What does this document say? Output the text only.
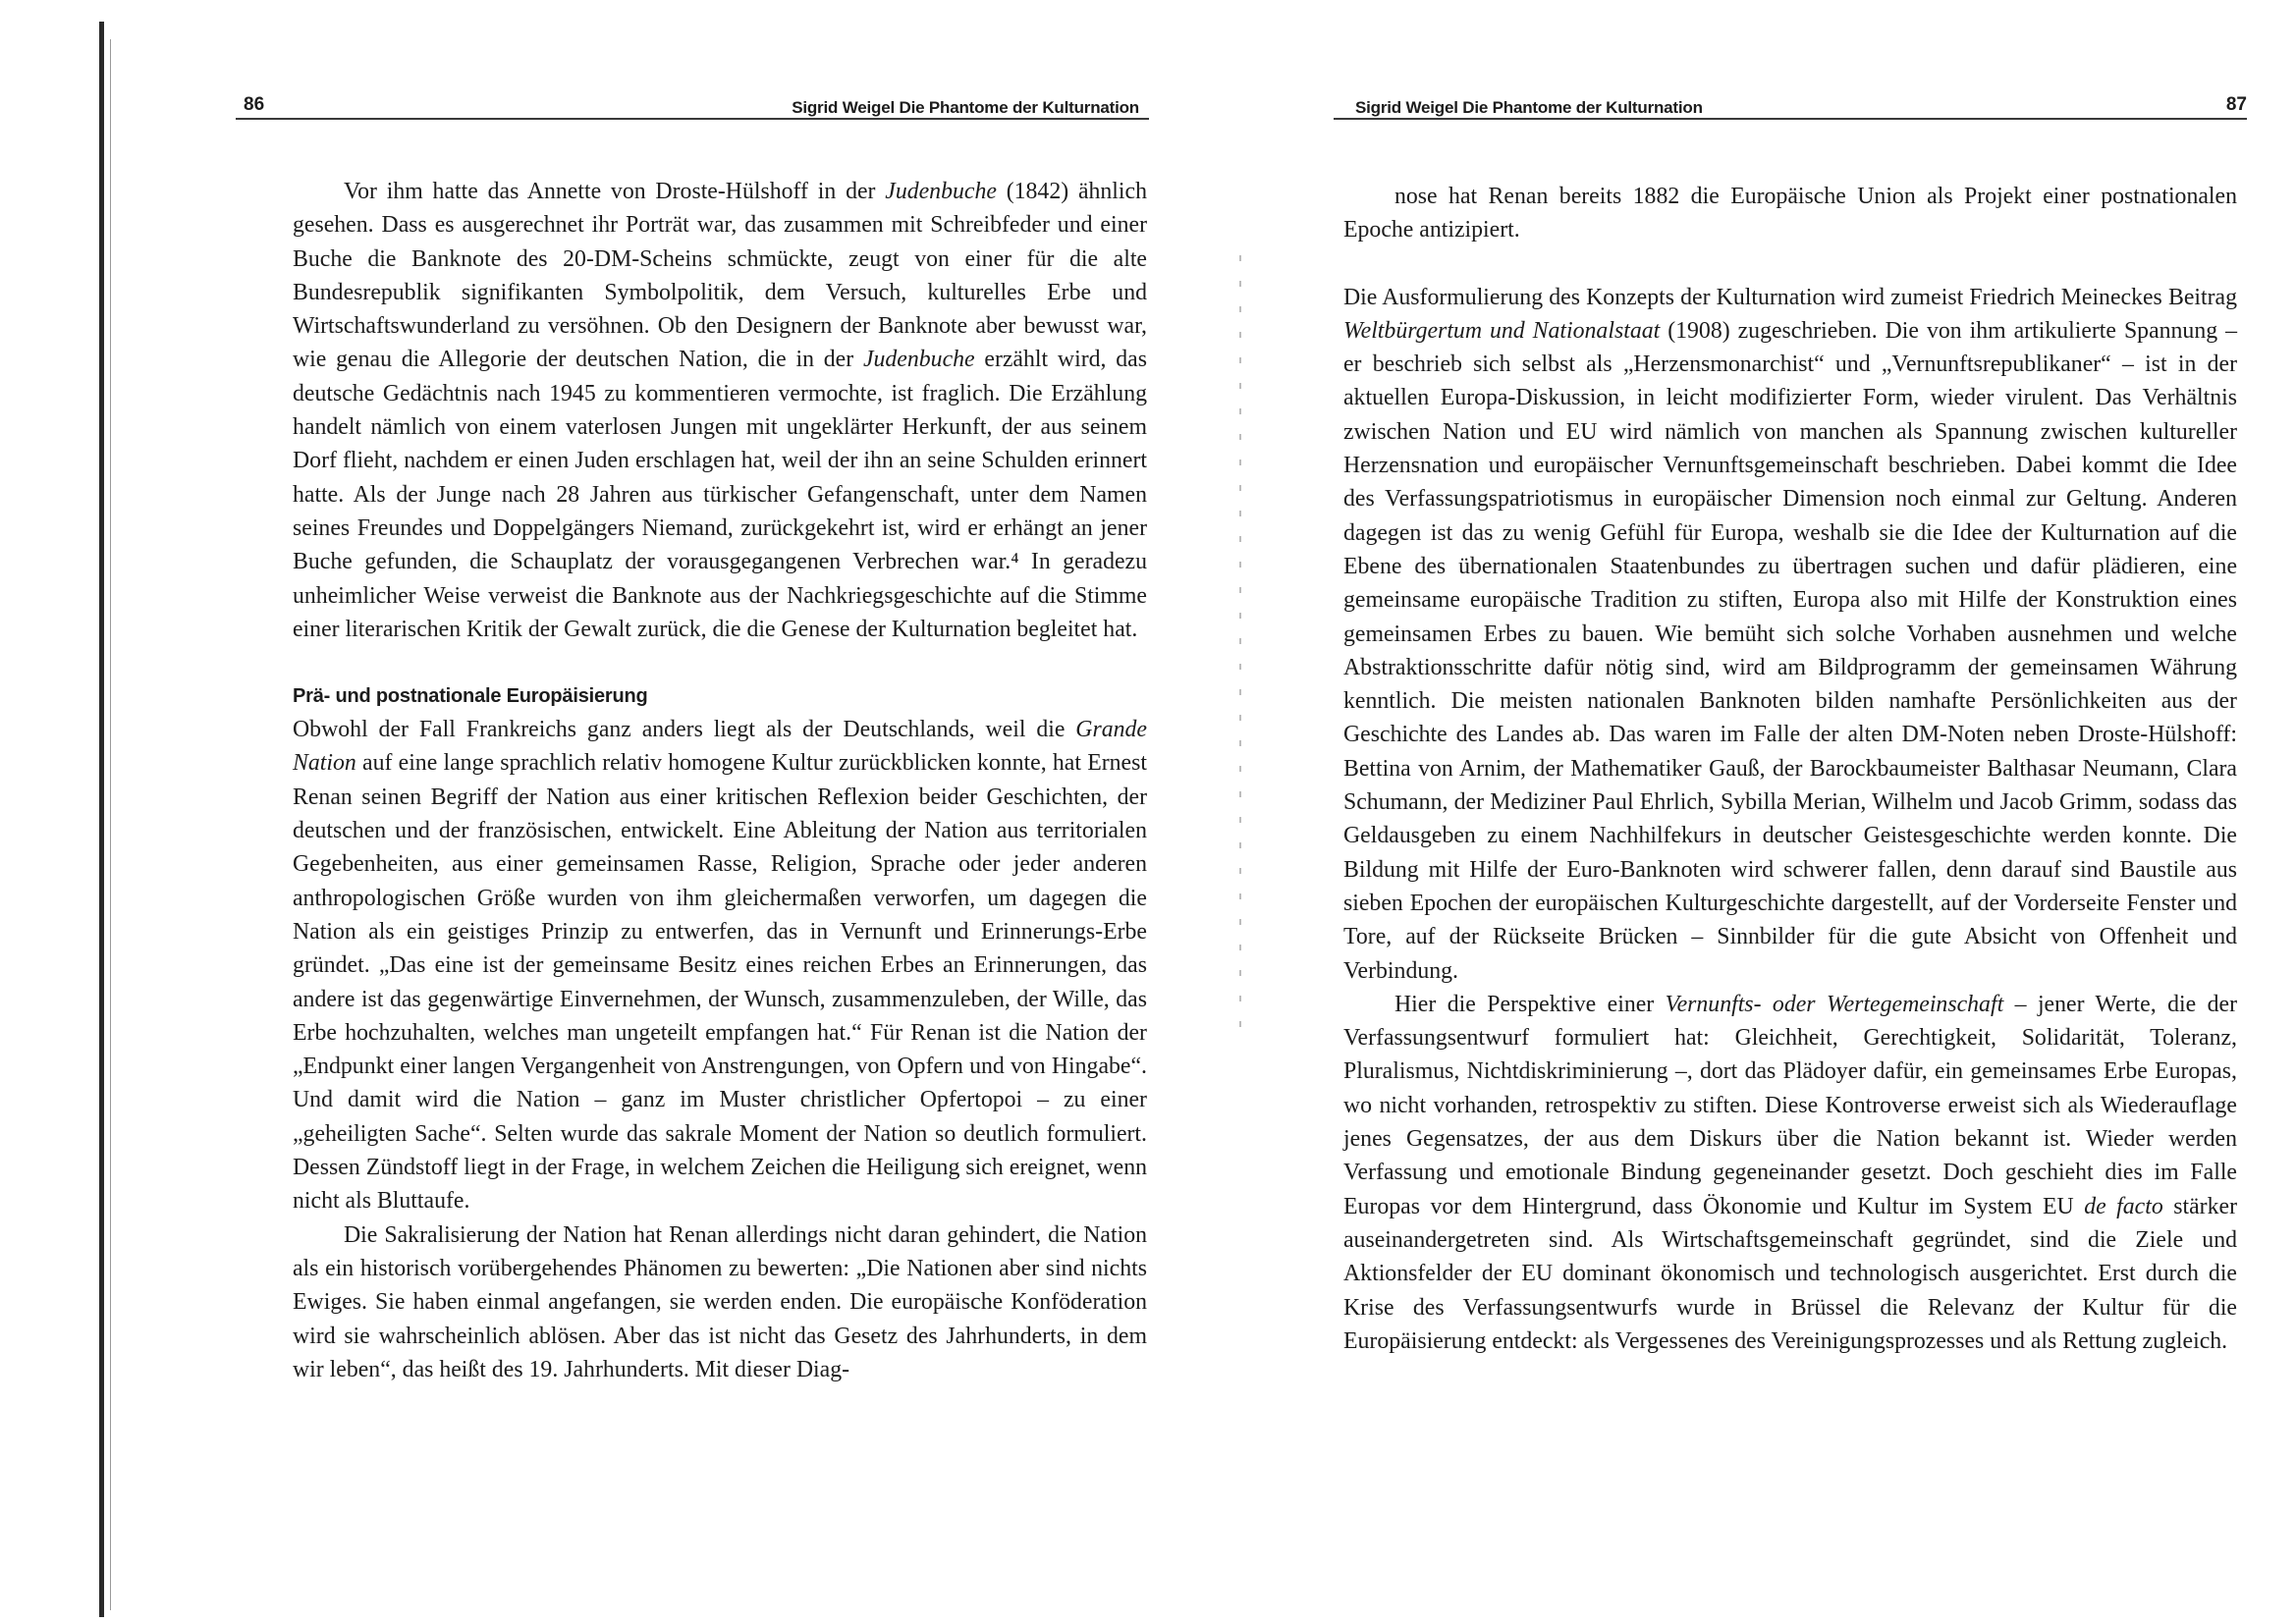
86	Sigrid Weigel Die Phantome der Kulturnation

Vor ihm hatte das Annette von Droste-Hülshoff in der Judenbuche (1842) ähnlich gesehen. Dass es ausgerechnet ihr Porträt war, das zusammen mit Schreibfeder und einer Buche die Banknote des 20-DM-Scheins schmückte, zeugt von einer für die alte Bundesrepublik signifikanten Symbolpolitik, dem Versuch, kulturelles Erbe und Wirtschaftswunderland zu versöhnen. Ob den Designern der Banknote aber bewusst war, wie genau die Allegorie der deutschen Nation, die in der Judenbuche erzählt wird, das deutsche Gedächtnis nach 1945 zu kommentieren vermochte, ist fraglich. Die Erzählung handelt nämlich von einem vaterlosen Jungen mit ungeklärter Herkunft, der aus seinem Dorf flieht, nachdem er einen Juden erschlagen hat, weil der ihn an seine Schulden erinnert hatte. Als der Junge nach 28 Jahren aus türkischer Gefangenschaft, unter dem Namen seines Freundes und Doppelgängers Niemand, zurückgekehrt ist, wird er erhängt an jener Buche gefunden, die Schauplatz der vorausgegangenen Verbrechen war.⁴ In geradezu unheimlicher Weise verweist die Banknote aus der Nachkriegsgeschichte auf die Stimme einer literarischen Kritik der Gewalt zurück, die die Genese der Kulturnation begleitet hat.

Prä- und postnationale Europäisierung

Obwohl der Fall Frankreichs ganz anders liegt als der Deutschlands, weil die Grande Nation auf eine lange sprachlich relativ homogene Kultur zurückblicken konnte, hat Ernest Renan seinen Begriff der Nation aus einer kritischen Reflexion beider Geschichten, der deutschen und der französischen, entwickelt. Eine Ableitung der Nation aus territorialen Gegebenheiten, aus einer gemeinsamen Rasse, Religion, Sprache oder jeder anderen anthropologischen Größe wurden von ihm gleichermaßen verworfen, um dagegen die Nation als ein geistiges Prinzip zu entwerfen, das in Vernunft und Erinnerungs-Erbe gründet. „Das eine ist der gemeinsame Besitz eines reichen Erbes an Erinnerungen, das andere ist das gegenwärtige Einvernehmen, der Wunsch, zusammenzuleben, der Wille, das Erbe hochzuhalten, welches man ungeteilt empfangen hat.“ Für Renan ist die Nation der „Endpunkt einer langen Vergangenheit von Anstrengungen, von Opfern und von Hingabe“. Und damit wird die Nation – ganz im Muster christlicher Opfertopoi – zu einer „geheiligten Sache“. Selten wurde das sakrale Moment der Nation so deutlich formuliert. Dessen Zündstoff liegt in der Frage, in welchem Zeichen die Heiligung sich ereignet, wenn nicht als Bluttaufe.

Die Sakralisierung der Nation hat Renan allerdings nicht daran gehindert, die Nation als ein historisch vorübergehendes Phänomen zu bewerten: „Die Nationen aber sind nichts Ewiges. Sie haben einmal angefangen, sie werden enden. Die europäische Konföderation wird sie wahrscheinlich ablösen. Aber das ist nicht das Gesetz des Jahrhunderts, in dem wir leben“, das heißt des 19. Jahrhunderts. Mit dieser Diag-

Sigrid Weigel Die Phantome der Kulturnation	87

nose hat Renan bereits 1882 die Europäische Union als Projekt einer postnationalen Epoche antizipiert.

Die Ausformulierung des Konzepts der Kulturnation wird zumeist Friedrich Meineckes Beitrag Weltbürgertum und Nationalstaat (1908) zugeschrieben. Die von ihm artikulierte Spannung – er beschrieb sich selbst als „Herzensmonarchist“ und „Vernunftsrepublikaner“ – ist in der aktuellen Europa-Diskussion, in leicht modifizierter Form, wieder virulent. Das Verhältnis zwischen Nation und EU wird nämlich von manchen als Spannung zwischen kultureller Herzensnation und europäischer Vernunftsgemeinschaft beschrieben. Dabei kommt die Idee des Verfassungspatriotismus in europäischer Dimension noch einmal zur Geltung. Anderen dagegen ist das zu wenig Gefühl für Europa, weshalb sie die Idee der Kulturnation auf die Ebene des übernationalen Staatenbundes zu übertragen suchen und dafür plädieren, eine gemeinsame europäische Tradition zu stiften, Europa also mit Hilfe der Konstruktion eines gemeinsamen Erbes zu bauen. Wie bemüht sich solche Vorhaben ausnehmen und welche Abstraktionsschritte dafür nötig sind, wird am Bildprogramm der gemeinsamen Währung kenntlich. Die meisten nationalen Banknoten bilden namhafte Persönlichkeiten aus der Geschichte des Landes ab. Das waren im Falle der alten DM-Noten neben Droste-Hülshoff: Bettina von Arnim, der Mathematiker Gauß, der Barockbaumeister Balthasar Neumann, Clara Schumann, der Mediziner Paul Ehrlich, Sybilla Merian, Wilhelm und Jacob Grimm, sodass das Geldausgeben zu einem Nachhilfekurs in deutscher Geistesgeschichte werden konnte. Die Bildung mit Hilfe der Euro-Banknoten wird schwerer fallen, denn darauf sind Baustile aus sieben Epochen der europäischen Kulturgeschichte dargestellt, auf der Vorderseite Fenster und Tore, auf der Rückseite Brücken – Sinnbilder für die gute Absicht von Offenheit und Verbindung.

Hier die Perspektive einer Vernunfts- oder Wertegemeinschaft – jener Werte, die der Verfassungsentwurf formuliert hat: Gleichheit, Gerechtigkeit, Solidarität, Toleranz, Pluralismus, Nichtdiskriminierung –, dort das Plädoyer dafür, ein gemeinsames Erbe Europas, wo nicht vorhanden, retrospektiv zu stiften. Diese Kontroverse erweist sich als Wiederauflage jenes Gegensatzes, der aus dem Diskurs über die Nation bekannt ist. Wieder werden Verfassung und emotionale Bindung gegeneinander gesetzt. Doch geschieht dies im Falle Europas vor dem Hintergrund, dass Ökonomie und Kultur im System EU de facto stärker auseinandergetreten sind. Als Wirtschaftsgemeinschaft gegründet, sind die Ziele und Aktionsfelder der EU dominant ökonomisch und technologisch ausgerichtet. Erst durch die Krise des Verfassungsentwurfs wurde in Brüssel die Relevanz der Kultur für die Europäisierung entdeckt: als Vergessenes des Vereinigungsprozesses und als Rettung zugleich.
